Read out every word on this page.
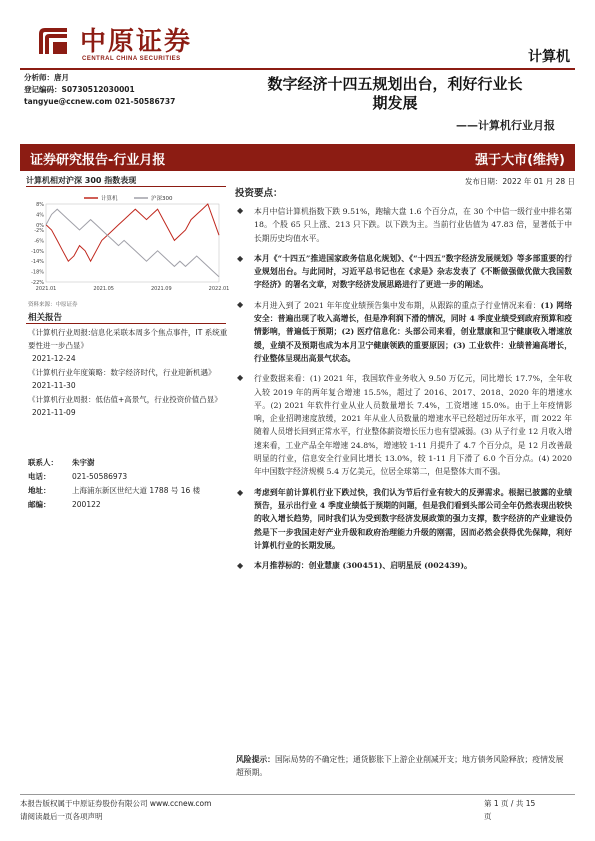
中原证券
CENTRAL CHINA SECURITIES	计算机
分析师：唐月
登记编码：S0730512030001
tangyue@ccnew.com 021-50586737
数字经济十四五规划出台，利好行业长
期发展
——计算机行业月报
证券研究报告-行业月报	强于大市(维持)
计算机相对沪深 300 指数表现	发布日期：2022 年 01 月 28 日
8%
4%
0%
-2%
-6%
-10%
-14%
-18%
-22%
2021.01	2021.05	2021.09	2022.01
计算机	沪深300
资料来源：中原证券
相关报告
《计算机行业周报:信息化采联本周多个焦点事件，IT 系统重要性进一步凸显》
2021-12-24
《计算机行业年度策略：数字经济时代，行业迎新机遇》
2021-11-30
《计算机行业周报：低估值+高景气，行业投资价值凸显》
2021-11-09
联系人：	朱宇澍
电话：	021-50586973
地址：	上海浦东新区世纪大道 1788 号 16 楼
邮编：	200122
投资要点：
◆ 本月中信计算机指数下跌 9.51%，跑输大盘 1.6 个百分点，在 30 个中信一级行业中排名第 18。个股 65 只上涨、213 只下跌。以下跌为主。当前行业估值为 47.83 倍，显著低于中长期历史均值水平。
◆ 本月《“十四五”推进国家政务信息化规划》、《“十四五”数字经济发展规划》等多部重要的行业规划出台。与此同时，习近平总书记也在《求是》杂志发表了《不断做强做优做大我国数字经济》的署名文章，对数字经济发展思路进行了更进一步的阐述。
◆ 本月进入到了 2021 年年度业绩预告集中发布期，从跟踪的重点子行业情况来看：(1) 网络安全：普遍出现了收入高增长，但是净利润下滑的情况，同时 4 季度业绩受到政府预算和疫情影响，普遍低于预期；(2) 医疗信息化：头部公司来看，创业慧康和卫宁健康收入增速放缓，业绩不及预期也成为本月卫宁健康领跌的重要原因；(3) 工业软件：业绩普遍高增长，行业整体呈现出高景气状态。
◆ 行业数据来看：(1) 2021 年，我国软件业务收入 9.50 万亿元，同比增长 17.7%，全年收入较 2019 年的两年复合增速 15.5%，超过了 2016、2017、2018、2020 年的增速水平。(2) 2021 年软件行业从业人员数量增长 7.4%，工资增速 15.0%。由于上年疫情影响，企业招聘速度放缓，2021 年从业人员数量的增速水平已经超过历年水平，而 2022 年随着人员增长回到正常水平，行业整体薪资增长压力也有望减弱。(3) 从子行业 12 月收入增速来看，工业产品全年增速 24.8%，增速较 1-11 月提升了 4.7 个百分点，是 12 月改善最明显的行业，信息安全行业同比增长 13.0%，较 1-11 月下滑了 6.0 个百分点。(4) 2020 年中国数字经济规模 5.4 万亿美元，位居全球第二，但是整体大而不强。
◆ 考虑到年前计算机行业下跌过快，我们认为节后行业有较大的反弹需求。根据已披露的业绩预告，显示出行业 4 季度业绩低于预期的问题，但是我们看到头部公司全年仍然表现出较快的收入增长趋势，同时我们认为受到数字经济发展政策的强力支撑，数字经济的产业建设仍然是下一步我国走好产业升级和政府治理能力升级的刚需，因而必然会获得优先保障，利好计算机行业的长期发展。
◆ 本月推荐标的：创业慧康 (300451)、启明星辰 (002439)。
风险提示：国际局势的不确定性；通货膨胀下上游企业削减开支；地方债务风险释放；疫情发展超预期。
本报告版权属于中原证券股份有限公司 www.ccnew.com
请阅读最后一页各项声明
第 1 页 / 共 15
页
